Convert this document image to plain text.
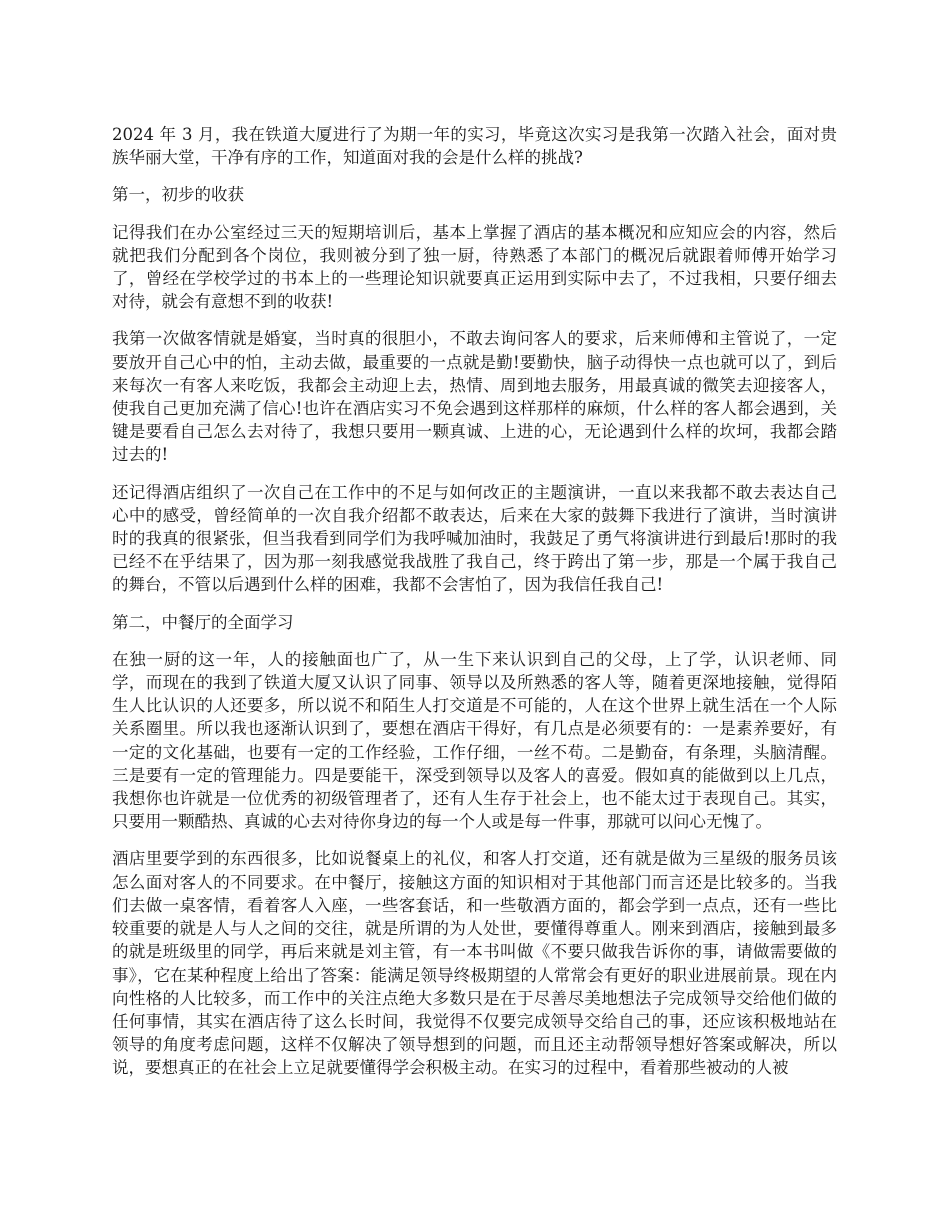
2024 年 3 月，我在铁道大厦进行了为期一年的实习，毕竟这次实习是我第一次踏入社会，面对贵族华丽大堂，干净有序的工作，知道面对我的会是什么样的挑战?

第一，初步的收获

记得我们在办公室经过三天的短期培训后，基本上掌握了酒店的基本概况和应知应会的内容，然后就把我们分配到各个岗位，我则被分到了独一厨，待熟悉了本部门的概况后就跟着师傅开始学习了，曾经在学校学过的书本上的一些理论知识就要真正运用到实际中去了，不过我相，只要仔细去对待，就会有意想不到的收获!

我第一次做客情就是婚宴，当时真的很胆小，不敢去询问客人的要求，后来师傅和主管说了，一定要放开自己心中的怕，主动去做，最重要的一点就是勤!要勤快，脑子动得快一点也就可以了，到后来每次一有客人来吃饭，我都会主动迎上去，热情、周到地去服务，用最真诚的微笑去迎接客人，使我自己更加充满了信心!也许在酒店实习不免会遇到这样那样的麻烦，什么样的客人都会遇到，关键是要看自己怎么去对待了，我想只要用一颗真诚、上进的心，无论遇到什么样的坎坷，我都会踏过去的!

还记得酒店组织了一次自己在工作中的不足与如何改正的主题演讲，一直以来我都不敢去表达自己心中的感受，曾经简单的一次自我介绍都不敢表达，后来在大家的鼓舞下我进行了演讲，当时演讲时的我真的很紧张，但当我看到同学们为我呼喊加油时，我鼓足了勇气将演讲进行到最后!那时的我已经不在乎结果了，因为那一刻我感觉我战胜了我自己，终于跨出了第一步，那是一个属于我自己的舞台，不管以后遇到什么样的困难，我都不会害怕了，因为我信任我自己!

第二，中餐厅的全面学习

在独一厨的这一年，人的接触面也广了，从一生下来认识到自己的父母，上了学，认识老师、同学，而现在的我到了铁道大厦又认识了同事、领导以及所熟悉的客人等，随着更深地接触，觉得陌生人比认识的人还要多，所以说不和陌生人打交道是不可能的，人在这个世界上就生活在一个人际关系圈里。所以我也逐渐认识到了，要想在酒店干得好，有几点是必须要有的：一是素养要好，有一定的文化基础，也要有一定的工作经验，工作仔细，一丝不苟。二是勤奋，有条理，头脑清醒。三是要有一定的管理能力。四是要能干，深受到领导以及客人的喜爱。假如真的能做到以上几点，我想你也许就是一位优秀的初级管理者了，还有人生存于社会上，也不能太过于表现自己。其实，只要用一颗酷热、真诚的心去对待你身边的每一个人或是每一件事，那就可以问心无愧了。

酒店里要学到的东西很多，比如说餐桌上的礼仪，和客人打交道，还有就是做为三星级的服务员该怎么面对客人的不同要求。在中餐厅，接触这方面的知识相对于其他部门而言还是比较多的。当我们去做一桌客情，看着客人入座，一些客套话，和一些敬酒方面的，都会学到一点点，还有一些比较重要的就是人与人之间的交往，就是所谓的为人处世，要懂得尊重人。刚来到酒店，接触到最多的就是班级里的同学，再后来就是刘主管，有一本书叫做《不要只做我告诉你的事，请做需要做的事》，它在某种程度上给出了答案：能满足领导终极期望的人常常会有更好的职业进展前景。现在内向性格的人比较多，而工作中的关注点绝大多数只是在于尽善尽美地想法子完成领导交给他们做的任何事情，其实在酒店待了这么长时间，我觉得不仅要完成领导交给自己的事，还应该积极地站在领导的角度考虑问题，这样不仅解决了领导想到的问题，而且还主动帮领导想好答案或解决，所以说，要想真正的在社会上立足就要懂得学会积极主动。在实习的过程中，看着那些被动的人被
